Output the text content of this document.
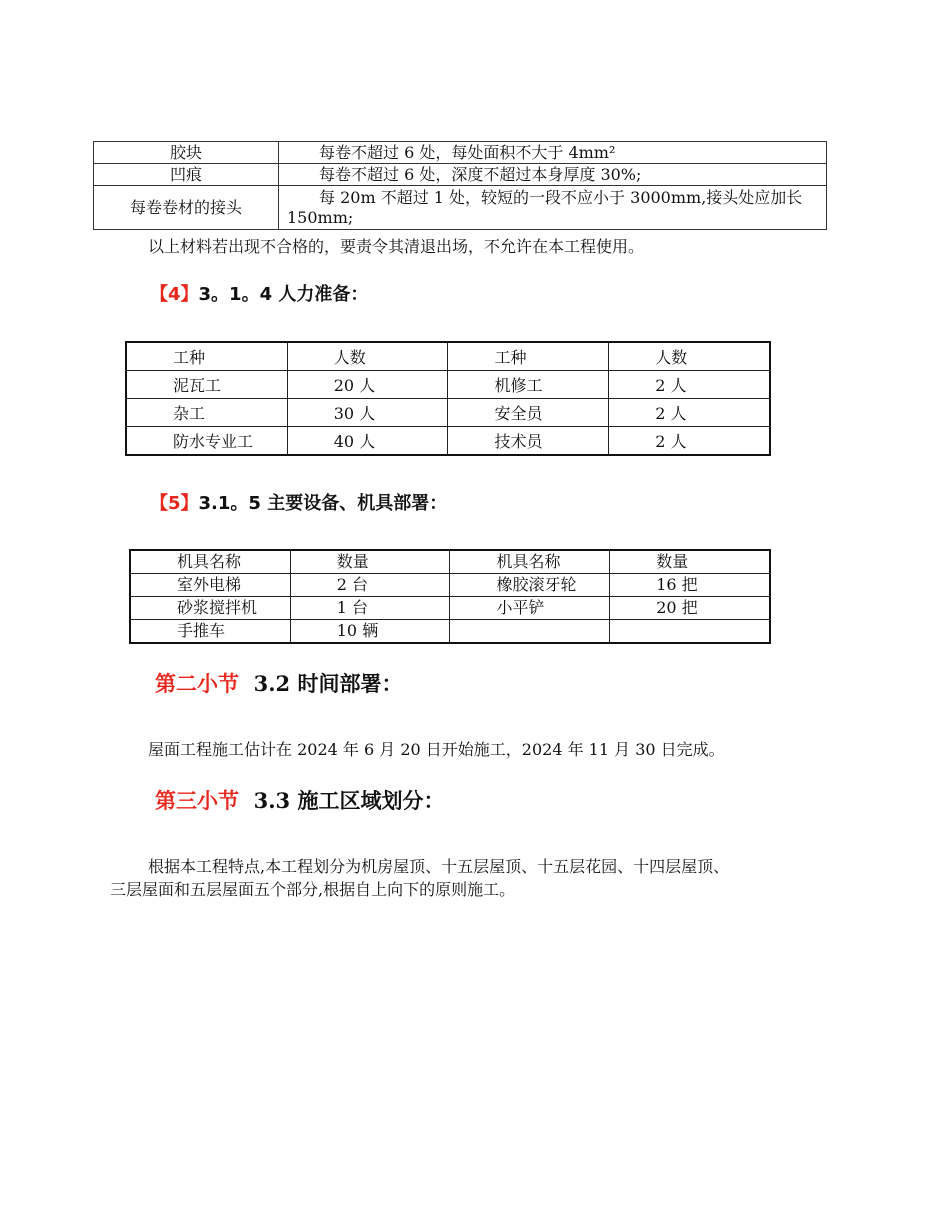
胶块	每卷不超过 6 处，每处面积不大于 4mm²
凹痕	每卷不超过 6 处，深度不超过本身厚度 30%;
每卷卷材的接头	每 20m 不超过 1 处，较短的一段不应小于 3000mm,接头处应加长 150mm;
以上材料若出现不合格的，要责令其清退出场，不允许在本工程使用。
【4】3。1。4 人力准备：
工种	人数	工种	人数
泥瓦工	20 人	机修工	2 人
杂工	30 人	安全员	2 人
防水专业工	40 人	技术员	2 人
【5】3.1。5 主要设备、机具部署：
机具名称	数量	机具名称	数量
室外电梯	2 台	橡胶滚牙轮	16 把
砂浆搅拌机	1 台	小平铲	20 把
手推车	10 辆		
第二小节 3.2 时间部署：
屋面工程施工估计在 2024 年 6 月 20 日开始施工，2024 年 11 月 30 日完成。
第三小节 3.3 施工区域划分：
根据本工程特点,本工程划分为机房屋顶、十五层屋顶、十五层花园、十四层屋顶、
三层屋面和五层屋面五个部分,根据自上向下的原则施工。
